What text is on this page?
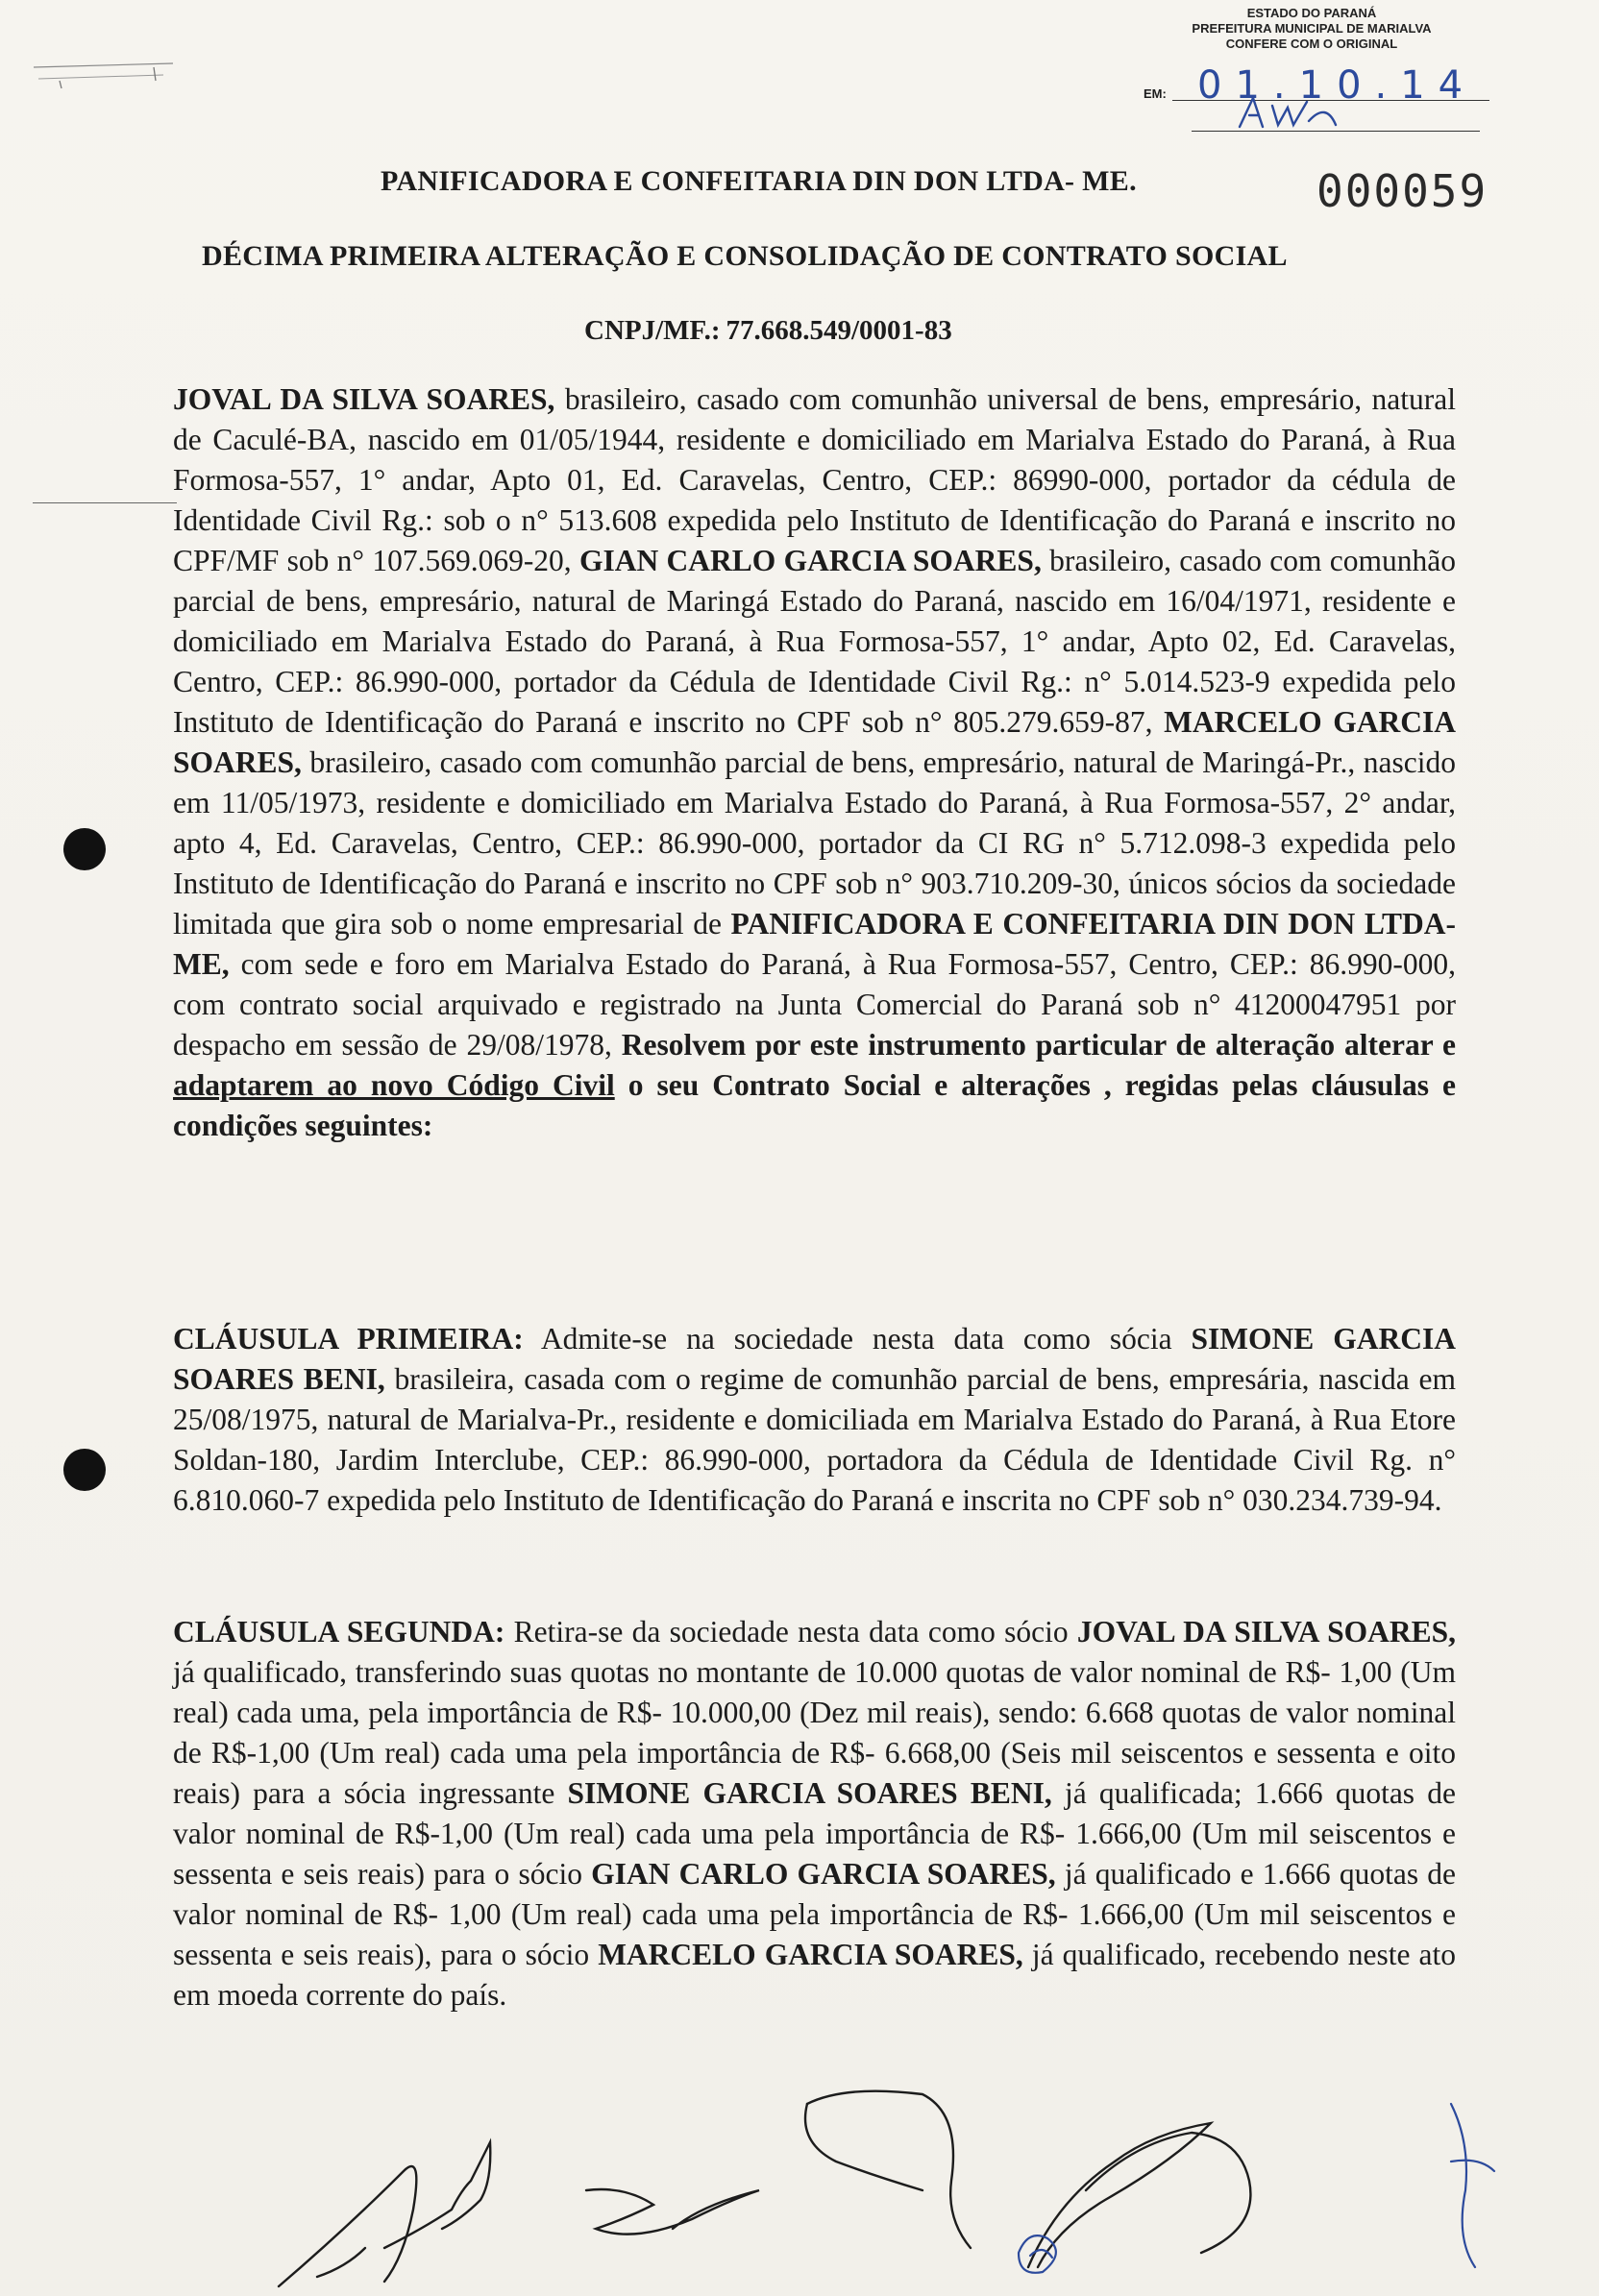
ESTADO DO PARANÁ
PREFEITURA MUNICIPAL DE MARIALVA
CONFERE COM O ORIGINAL
EM: 01.10.14
000059
PANIFICADORA E CONFEITARIA DIN DON LTDA- ME.
DÉCIMA PRIMEIRA ALTERAÇÃO E CONSOLIDAÇÃO DE CONTRATO SOCIAL
CNPJ/MF.: 77.668.549/0001-83
JOVAL DA SILVA SOARES, brasileiro, casado com comunhão universal de bens, empresário, natural de Caculé-BA, nascido em 01/05/1944, residente e domiciliado em Marialva Estado do Paraná, à Rua Formosa-557, 1° andar, Apto 01, Ed. Caravelas, Centro, CEP.: 86990-000, portador da cédula de Identidade Civil Rg.: sob o n° 513.608 expedida pelo Instituto de Identificação do Paraná e inscrito no CPF/MF sob n° 107.569.069-20, GIAN CARLO GARCIA SOARES, brasileiro, casado com comunhão parcial de bens, empresário, natural de Maringá Estado do Paraná, nascido em 16/04/1971, residente e domiciliado em Marialva Estado do Paraná, à Rua Formosa-557, 1° andar, Apto 02, Ed. Caravelas, Centro, CEP.: 86.990-000, portador da Cédula de Identidade Civil Rg.: n° 5.014.523-9 expedida pelo Instituto de Identificação do Paraná e inscrito no CPF sob n° 805.279.659-87, MARCELO GARCIA SOARES, brasileiro, casado com comunhão parcial de bens, empresário, natural de Maringá-Pr., nascido em 11/05/1973, residente e domiciliado em Marialva Estado do Paraná, à Rua Formosa-557, 2° andar, apto 4, Ed. Caravelas, Centro, CEP.: 86.990-000, portador da CI RG n° 5.712.098-3 expedida pelo Instituto de Identificação do Paraná e inscrito no CPF sob n° 903.710.209-30, únicos sócios da sociedade limitada que gira sob o nome empresarial de PANIFICADORA E CONFEITARIA DIN DON LTDA-ME, com sede e foro em Marialva Estado do Paraná, à Rua Formosa-557, Centro, CEP.: 86.990-000, com contrato social arquivado e registrado na Junta Comercial do Paraná sob n° 41200047951 por despacho em sessão de 29/08/1978, Resolvem por este instrumento particular de alteração alterar e adaptarem ao novo Código Civil o seu Contrato Social e alterações , regidas pelas cláusulas e condições seguintes:
CLÁUSULA PRIMEIRA: Admite-se na sociedade nesta data como sócia SIMONE GARCIA SOARES BENI, brasileira, casada com o regime de comunhão parcial de bens, empresária, nascida em 25/08/1975, natural de Marialva-Pr., residente e domiciliada em Marialva Estado do Paraná, à Rua Etore Soldan-180, Jardim Interclube, CEP.: 86.990-000, portadora da Cédula de Identidade Civil Rg. n° 6.810.060-7 expedida pelo Instituto de Identificação do Paraná e inscrita no CPF sob n° 030.234.739-94.
CLÁUSULA SEGUNDA: Retira-se da sociedade nesta data como sócio JOVAL DA SILVA SOARES, já qualificado, transferindo suas quotas no montante de 10.000 quotas de valor nominal de R$- 1,00 (Um real) cada uma, pela importância de R$- 10.000,00 (Dez mil reais), sendo: 6.668 quotas de valor nominal de R$-1,00 (Um real) cada uma pela importância de R$- 6.668,00 (Seis mil seiscentos e sessenta e oito reais) para a sócia ingressante SIMONE GARCIA SOARES BENI, já qualificada; 1.666 quotas de valor nominal de R$-1,00 (Um real) cada uma pela importância de R$- 1.666,00 (Um mil seiscentos e sessenta e seis reais) para o sócio GIAN CARLO GARCIA SOARES, já qualificado e 1.666 quotas de valor nominal de R$- 1,00 (Um real) cada uma pela importância de R$- 1.666,00 (Um mil seiscentos e sessenta e seis reais), para o sócio MARCELO GARCIA SOARES, já qualificado, recebendo neste ato em moeda corrente do país.
